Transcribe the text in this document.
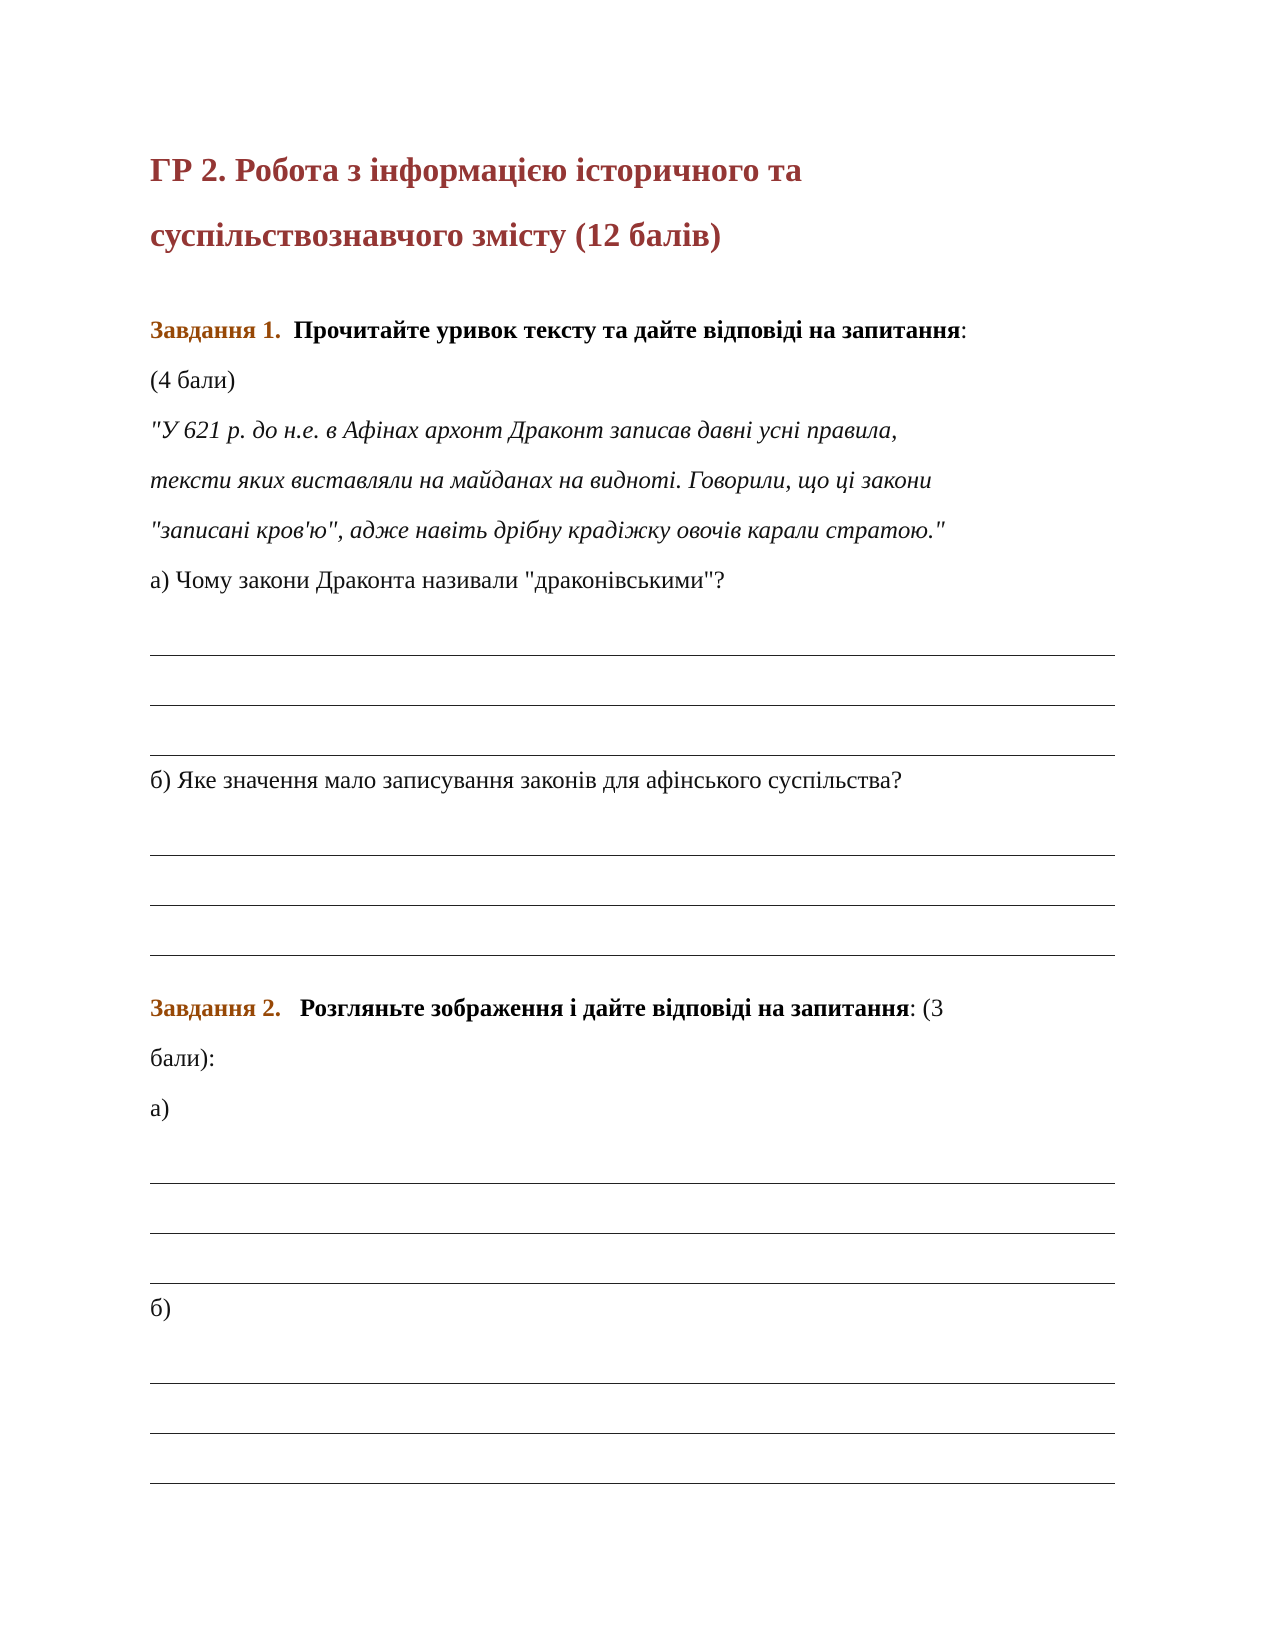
ГР 2. Робота з інформацією історичного та
суспільствознавчого змісту (12 балів)
Завдання 1. Прочитайте уривок тексту та дайте відповіді на запитання:

(4 бали)

"У 621 р. до н.е. в Афінах архонт Драконт записав давні усні правила,

тексти яких виставляли на майданах на видноті. Говорили, що ці закони

"записані кров'ю", адже навіть дрібну крадіжку овочів карали стратою."

а) Чому закони Драконта називали "драконівськими"?

б) Яке значення мало записування законів для афінського суспільства?

Завдання 2. Розгляньте зображення і дайте відповіді на запитання: (3

бали):

а)

б)
